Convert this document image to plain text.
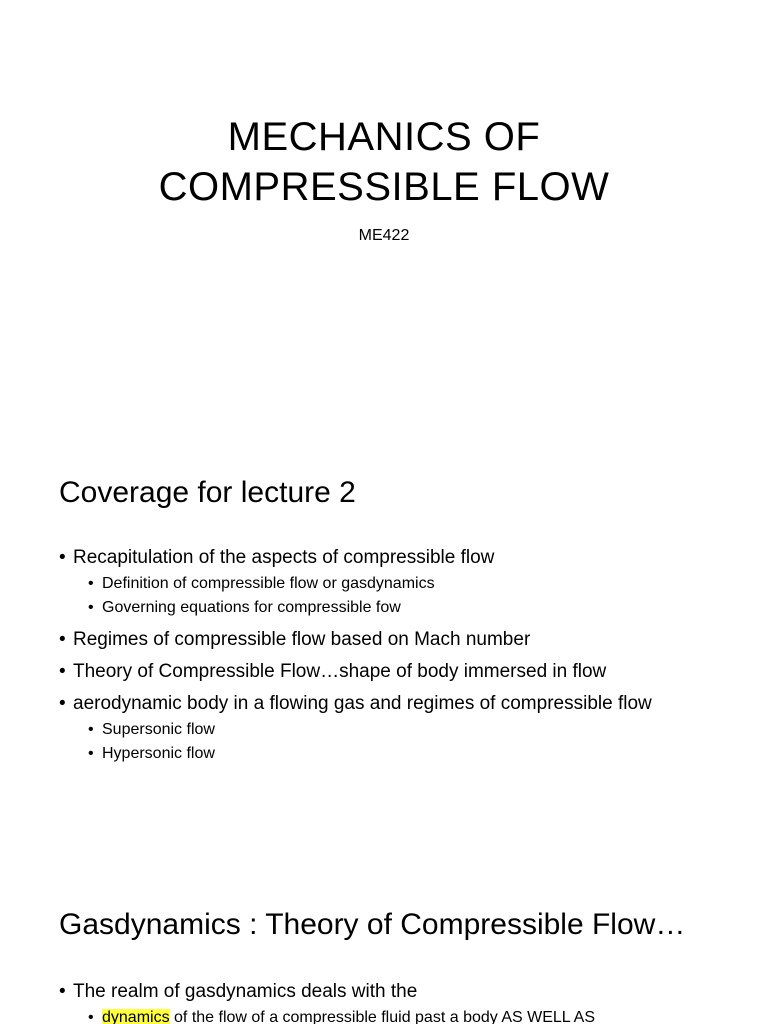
MECHANICS OF
COMPRESSIBLE FLOW
ME422
Coverage for lecture 2
• Recapitulation of the aspects of compressible flow
• Definition of compressible flow or gasdynamics
• Governing equations for compressible fow
• Regimes of compressible flow based on Mach number
• Theory of Compressible Flow…shape of body immersed in flow
• aerodynamic body in a flowing gas and regimes of compressible flow
• Supersonic flow
• Hypersonic flow
Gasdynamics : Theory of Compressible Flow…
• The realm of gasdynamics deals with the
• dynamics of the flow of a compressible fluid past a body AS WELL AS
